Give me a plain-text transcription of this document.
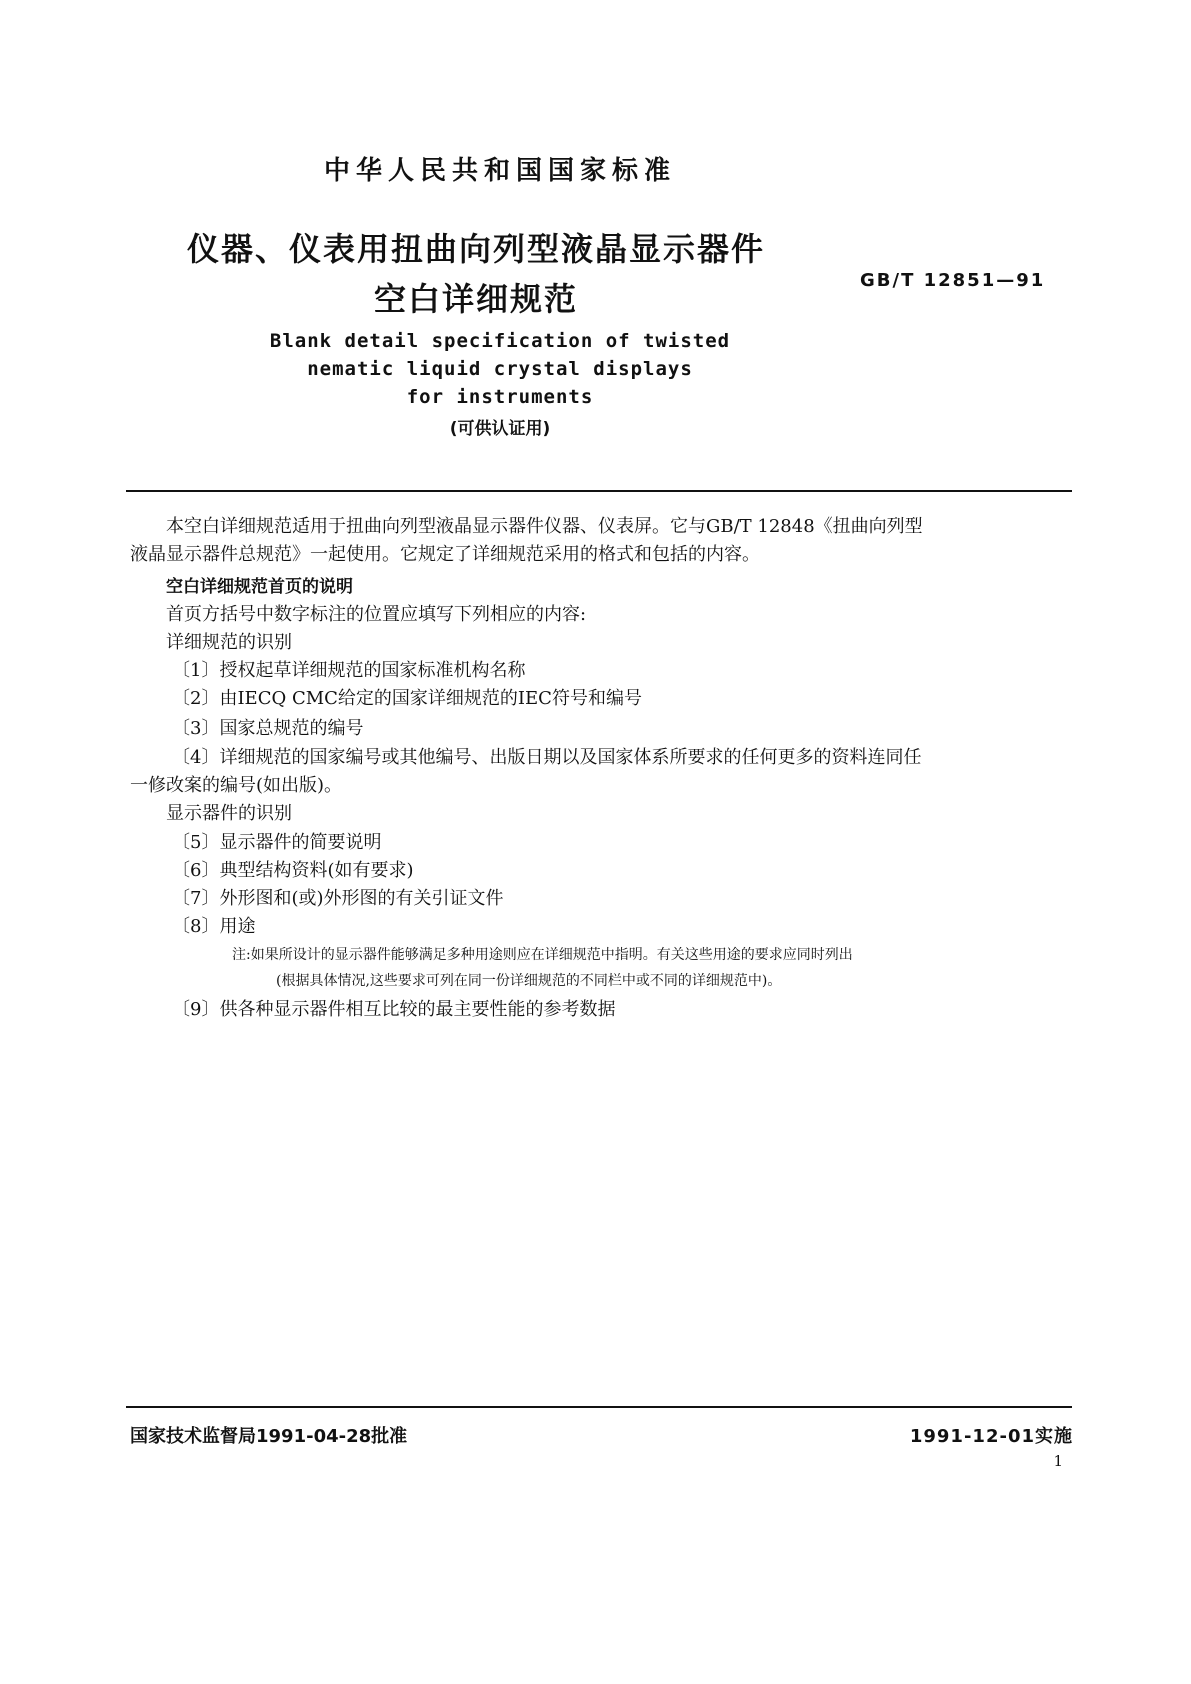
中华人民共和国国家标准
仪器、仪表用扭曲向列型液晶显示器件
空白详细规范	GB/T 12851—91
Blank detail specification of twisted
nematic liquid crystal displays
for instruments
(可供认证用)
本空白详细规范适用于扭曲向列型液晶显示器件仪器、仪表屏。它与GB/T 12848《扭曲向列型
液晶显示器件总规范》一起使用。它规定了详细规范采用的格式和包括的内容。
空白详细规范首页的说明
首页方括号中数字标注的位置应填写下列相应的内容:
详细规范的识别
〔1〕授权起草详细规范的国家标准机构名称
〔2〕由IECQ CMC给定的国家详细规范的IEC符号和编号
〔3〕国家总规范的编号
〔4〕详细规范的国家编号或其他编号、出版日期以及国家体系所要求的任何更多的资料连同任
一修改案的编号(如出版)。
显示器件的识别
〔5〕显示器件的简要说明
〔6〕典型结构资料(如有要求)
〔7〕外形图和(或)外形图的有关引证文件
〔8〕用途
注:如果所设计的显示器件能够满足多种用途则应在详细规范中指明。有关这些用途的要求应同时列出
(根据具体情况,这些要求可列在同一份详细规范的不同栏中或不同的详细规范中)。
〔9〕供各种显示器件相互比较的最主要性能的参考数据
国家技术监督局1991-04-28批准	1991-12-01实施
1
